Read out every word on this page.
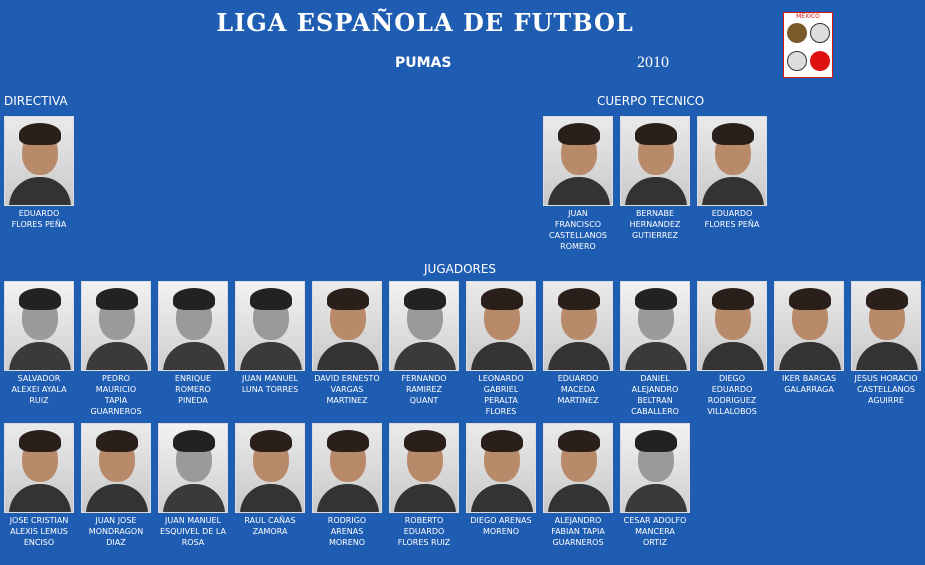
LIGA ESPAÑOLA DE FUTBOL
PUMAS	2010
MEXICO
DIRECTIVA	CUERPO TECNICO
JUGADORES
EDUARDO
FLORES PEÑA
JUAN
FRANCISCO
CASTELLANOS
ROMERO
BERNABE
HERNANDEZ
GUTIERREZ
EDUARDO
FLORES PEÑA
SALVADOR
ALEXEI AYALA
RUIZ
PEDRO
MAURICIO
TAPIA
GUARNEROS
ENRIQUE
ROMERO
PINEDA
JUAN MANUEL
LUNA TORRES
DAVID ERNESTO
VARGAS
MARTINEZ
FERNANDO
RAMIREZ
QUANT
LEONARDO
GABRIEL
PERALTA
FLORES
EDUARDO
MACEDA
MARTINEZ
DANIEL
ALEJANDRO
BELTRAN
CABALLERO
DIEGO
EDUARDO
RODRIGUEZ
VILLALOBOS
IKER BARGAS
GALARRAGA
JESUS HORACIO
CASTELLANOS
AGUIRRE
JOSE CRISTIAN
ALEXIS LEMUS
ENCISO
JUAN JOSE
MONDRAGON
DIAZ
JUAN MANUEL
ESQUIVEL DE LA
ROSA
RAUL CAÑAS
ZAMORA
RODRIGO
ARENAS
MORENO
ROBERTO
EDUARDO
FLORES RUIZ
DIEGO ARENAS
MORENO
ALEJANDRO
FABIAN TAPIA
GUARNEROS
CESAR ADOLFO
MANCERA
ORTIZ
